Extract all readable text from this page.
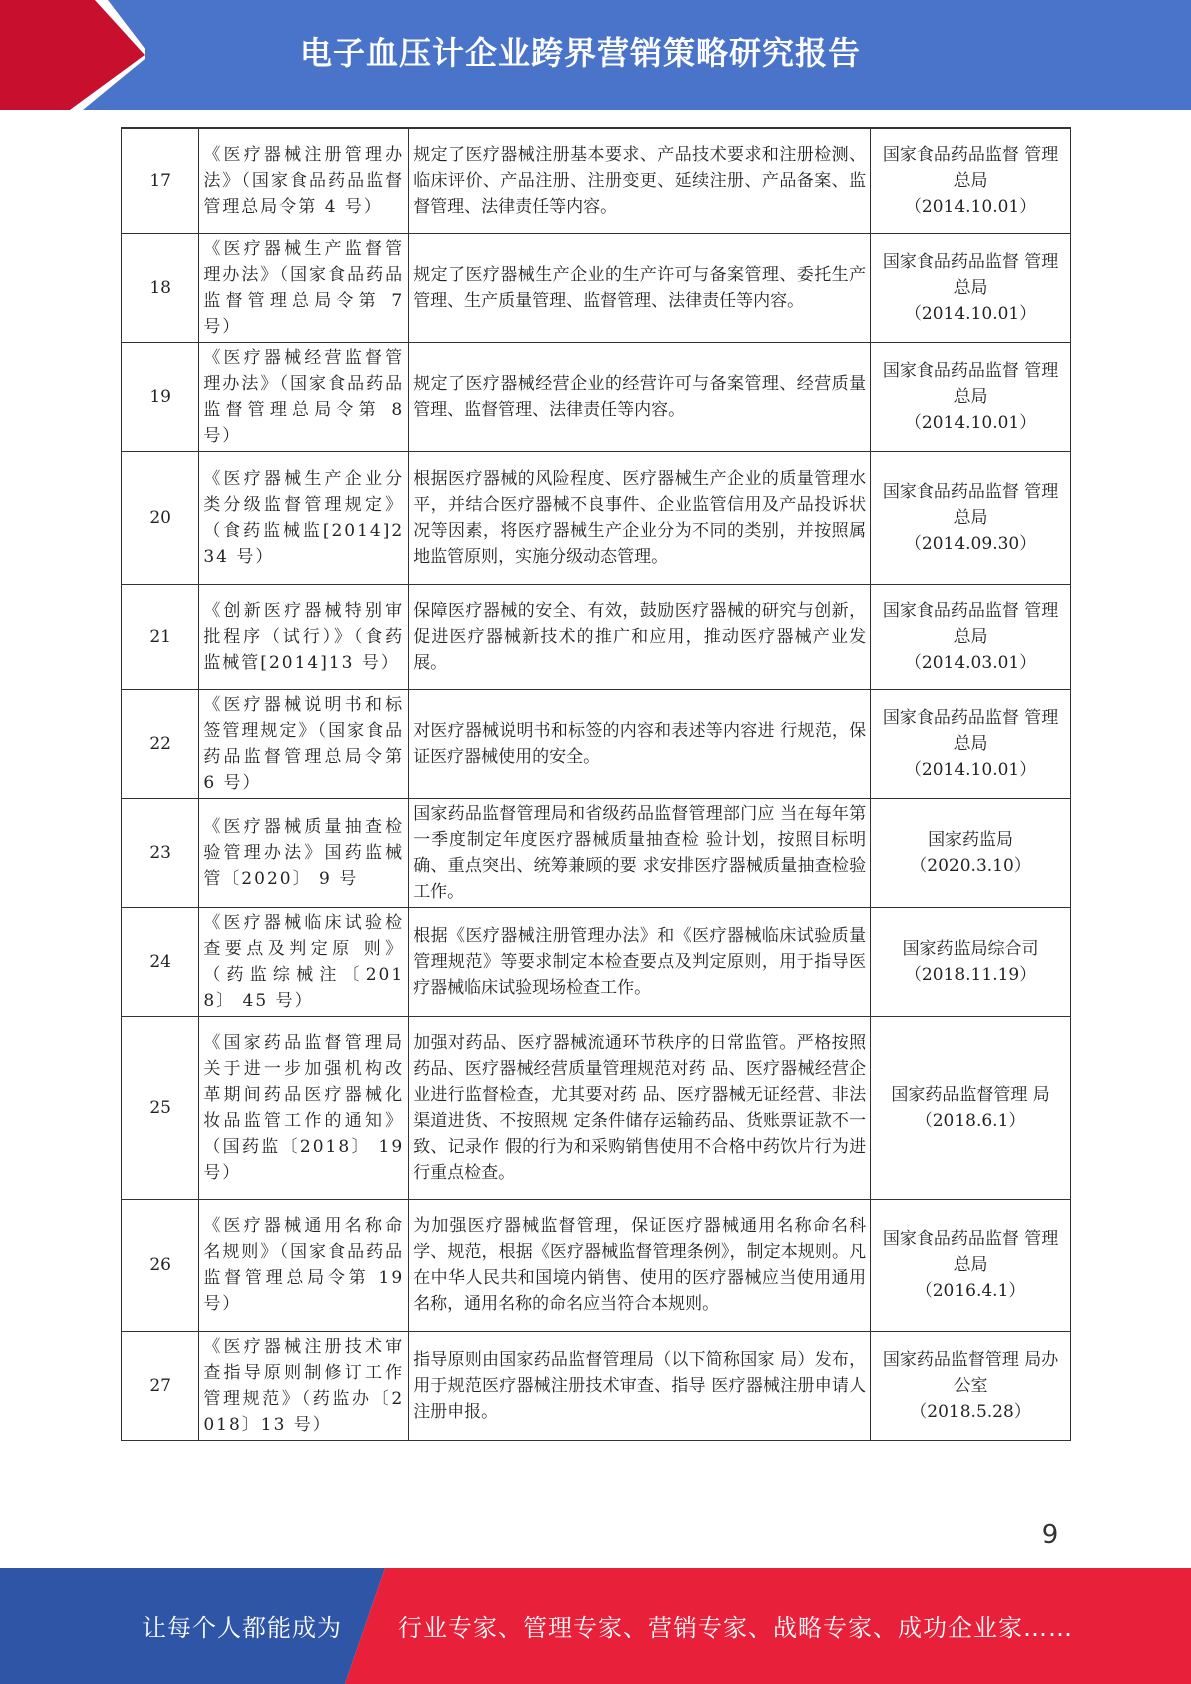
电子血压计企业跨界营销策略研究报告
17	《医疗器械注册管理办法》（国家食品药品监督管理总局令第 4 号）	规定了医疗器械注册基本要求、产品技术要求和注册检测、临床评价、产品注册、注册变更、延续注册、产品备案、监督管理、法律责任等内容。	国家食品药品监督 管理总局
（2014.10.01）

18	《医疗器械生产监督管理办法》（国家食品药品监督管理总局令第 7 号）	规定了医疗器械生产企业的生产许可与备案管理、委托生产管理、生产质量管理、监督管理、法律责任等内容。	国家食品药品监督 管理总局
（2014.10.01）

19	《医疗器械经营监督管理办法》（国家食品药品监督管理总局令第 8 号）	规定了医疗器械经营企业的经营许可与备案管理、经营质量管理、监督管理、法律责任等内容。	国家食品药品监督 管理总局
（2014.10.01）

20	《医疗器械生产企业分类分级监督管理规定》（食药监械监[2014]234 号）	根据医疗器械的风险程度、医疗器械生产企业的质量管理水平，并结合医疗器械不良事件、企业监管信用及产品投诉状况等因素，将医疗器械生产企业分为不同的类别，并按照属地监管原则，实施分级动态管理。	国家食品药品监督 管理总局
（2014.09.30）

21	《创新医疗器械特别审批程序（试行）》（食药 监械管[2014]13 号）	保障医疗器械的安全、有效，鼓励医疗器械的研究与创新，促进医疗器械新技术的推广和应用，推动医疗器械产业发展。	国家食品药品监督 管理总局
（2014.03.01）

22	《医疗器械说明书和标签管理规定》（国家食品药品监督管理总局令第 6 号）	对医疗器械说明书和标签的内容和表述等内容进 行规范，保证医疗器械使用的安全。	国家食品药品监督 管理总局
（2014.10.01）

23	《医疗器械质量抽查检验管理办法》国药监械管〔2020〕 9 号	国家药品监督管理局和省级药品监督管理部门应 当在每年第一季度制定年度医疗器械质量抽查检 验计划，按照目标明确、重点突出、统筹兼顾的要 求安排医疗器械质量抽查检验工作。	国家药监局
（2020.3.10）

24	《医疗器械临床试验检查要点及判定原 则》（药监综械注〔2018〕 45 号）	根据《医疗器械注册管理办法》和《医疗器械临床试验质量管理规范》等要求制定本检查要点及判定原则，用于指导医疗器械临床试验现场检查工作。	国家药监局综合司
（2018.11.19）

25	《国家药品监督管理局关于进一步加强机构改革期间药品医疗器械化妆品监管工作的通知》（国药监〔2018〕 19 号）	加强对药品、医疗器械流通环节秩序的日常监管。严格按照药品、医疗器械经营质量管理规范对药 品、医疗器械经营企业进行监督检查，尤其要对药 品、医疗器械无证经营、非法渠道进货、不按照规 定条件储存运输药品、货账票证款不一致、记录作 假的行为和采购销售使用不合格中药饮片行为进 行重点检查。	国家药品监督管理 局
（2018.6.1）

26	《医疗器械通用名称命名规则》（国家食品药品监督管理总局令第 19 号）	为加强医疗器械监督管理，保证医疗器械通用名称命名科学、规范，根据《医疗器械监督管理条例》，制定本规则。凡在中华人民共和国境内销售、使用的医疗器械应当使用通用名称，通用名称的命名应当符合本规则。	国家食品药品监督 管理总局
（2016.4.1）

27	《医疗器械注册技术审查指导原则制修订工作管理规范》（药监办〔2018〕13 号）	指导原则由国家药品监督管理局（以下简称国家 局）发布，用于规范医疗器械注册技术审查、指导 医疗器械注册申请人注册申报。	国家药品监督管理 局办公室
（2018.5.28）
9
让每个人都能成为 行业专家、管理专家、营销专家、战略专家、成功企业家……
